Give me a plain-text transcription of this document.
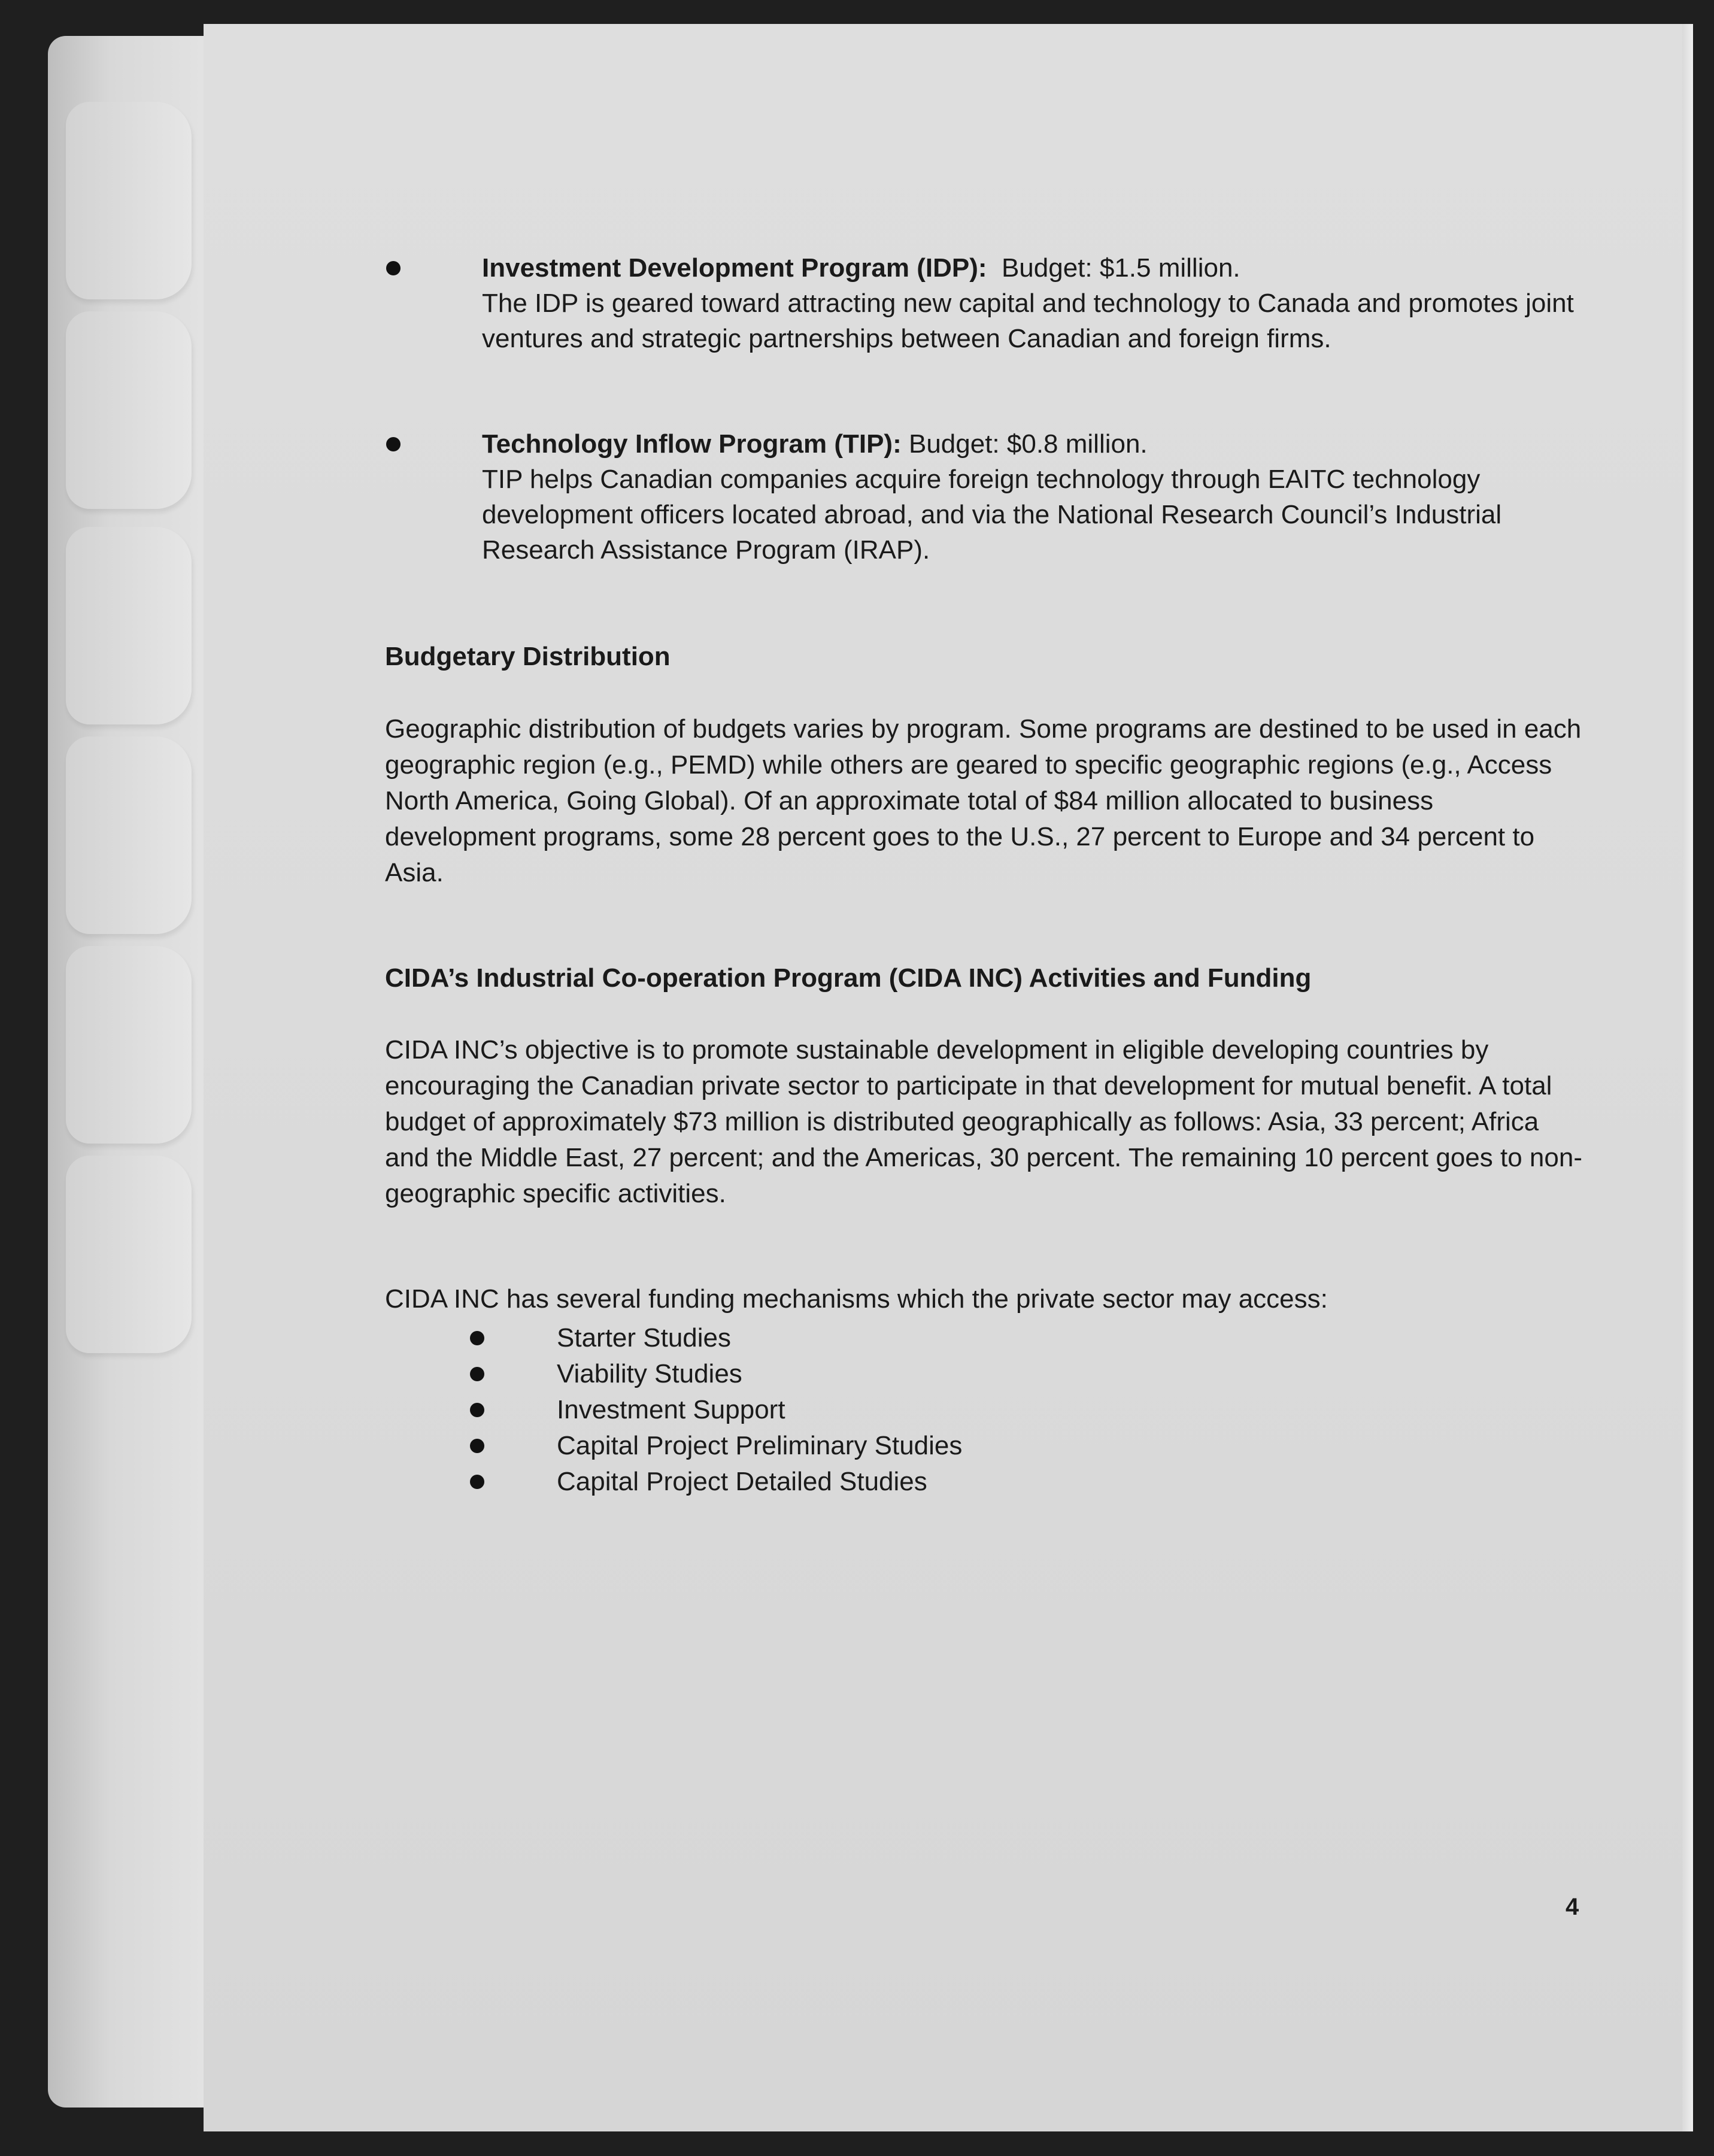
Investment Development Program (IDP): Budget: $1.5 million.
The IDP is geared toward attracting new capital and technology to Canada and promotes joint ventures and strategic partnerships between Canadian and foreign firms.
Technology Inflow Program (TIP): Budget: $0.8 million.
TIP helps Canadian companies acquire foreign technology through EAITC technology development officers located abroad, and via the National Research Council’s Industrial Research Assistance Program (IRAP).
Budgetary Distribution
Geographic distribution of budgets varies by program. Some programs are destined to be used in each geographic region (e.g., PEMD) while others are geared to specific geographic regions (e.g., Access North America, Going Global). Of an approximate total of $84 million allocated to business development programs, some 28 percent goes to the U.S., 27 percent to Europe and 34 percent to Asia.
CIDA’s Industrial Co-operation Program (CIDA INC) Activities and Funding
CIDA INC’s objective is to promote sustainable development in eligible developing countries by encouraging the Canadian private sector to participate in that development for mutual benefit. A total budget of approximately $73 million is distributed geographically as follows: Asia, 33 percent; Africa and the Middle East, 27 percent; and the Americas, 30 percent. The remaining 10 percent goes to non-geographic specific activities.
CIDA INC has several funding mechanisms which the private sector may access:
Starter Studies
Viability Studies
Investment Support
Capital Project Preliminary Studies
Capital Project Detailed Studies
4
